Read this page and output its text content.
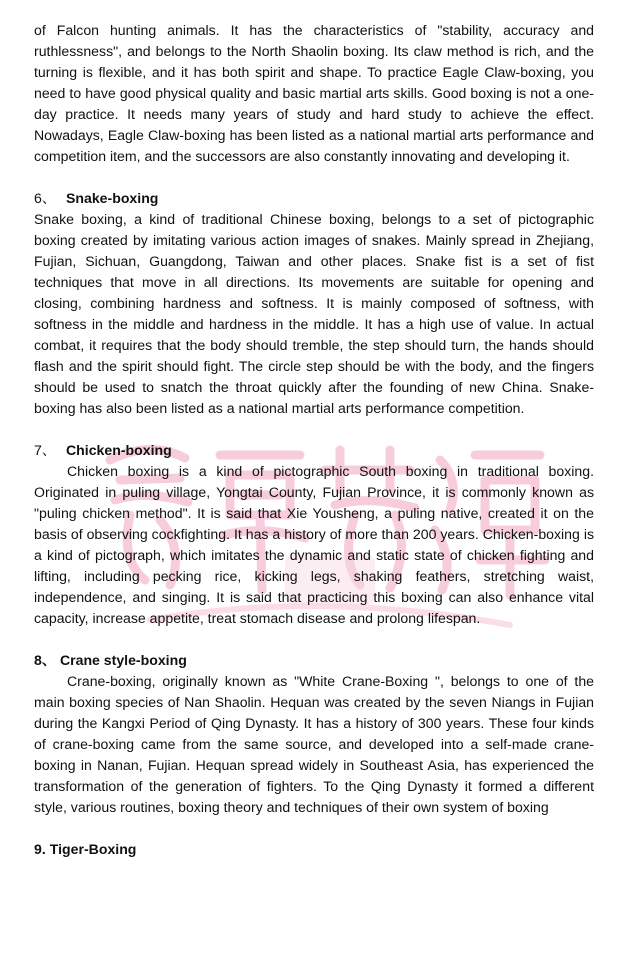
of Falcon hunting animals. It has the characteristics of "stability, accuracy and ruthlessness", and belongs to the North Shaolin boxing. Its claw method is rich, and the turning is flexible, and it has both spirit and shape. To practice Eagle Claw-boxing, you need to have good physical quality and basic martial arts skills. Good boxing is not a one-day practice. It needs many years of study and hard study to achieve the effect. Nowadays, Eagle Claw-boxing has been listed as a national martial arts performance and competition item, and the successors are also constantly innovating and developing it.

6、 Snake-boxing

Snake boxing, a kind of traditional Chinese boxing, belongs to a set of pictographic boxing created by imitating various action images of snakes. Mainly spread in Zhejiang, Fujian, Sichuan, Guangdong, Taiwan and other places. Snake fist is a set of fist techniques that move in all directions. Its movements are suitable for opening and closing, combining hardness and softness. It is mainly composed of softness, with softness in the middle and hardness in the middle. It has a high use of value. In actual combat, it requires that the body should tremble, the step should turn, the hands should flash and the spirit should fight. The circle step should be with the body, and the fingers should be used to snatch the throat quickly after the founding of new China. Snake-boxing has also been listed as a national martial arts performance competition.

7、 Chicken-boxing

Chicken boxing is a kind of pictographic South boxing in traditional boxing. Originated in puling village, Yongtai County, Fujian Province, it is commonly known as "puling chicken method". It is said that Xie Yousheng, a puling native, created it on the basis of observing cockfighting. It has a history of more than 200 years. Chicken-boxing is a kind of pictograph, which imitates the dynamic and static state of chicken fighting and lifting, including pecking rice, kicking legs, shaking feathers, stretching waist, independence, and singing. It is said that practicing this boxing can also enhance vital capacity, increase appetite, treat stomach disease and prolong lifespan.

8、 Crane style-boxing

Crane-boxing, originally known as "White Crane-Boxing ", belongs to one of the main boxing species of Nan Shaolin. Hequan was created by the seven Niangs in Fujian during the Kangxi Period of Qing Dynasty. It has a history of 300 years. These four kinds of crane-boxing came from the same source, and developed into a self-made crane-boxing in Nanan, Fujian. Hequan spread widely in Southeast Asia, has experienced the transformation of the generation of fighters. To the Qing Dynasty it formed a different style, various routines, boxing theory and techniques of their own system of boxing

9. Tiger-Boxing
